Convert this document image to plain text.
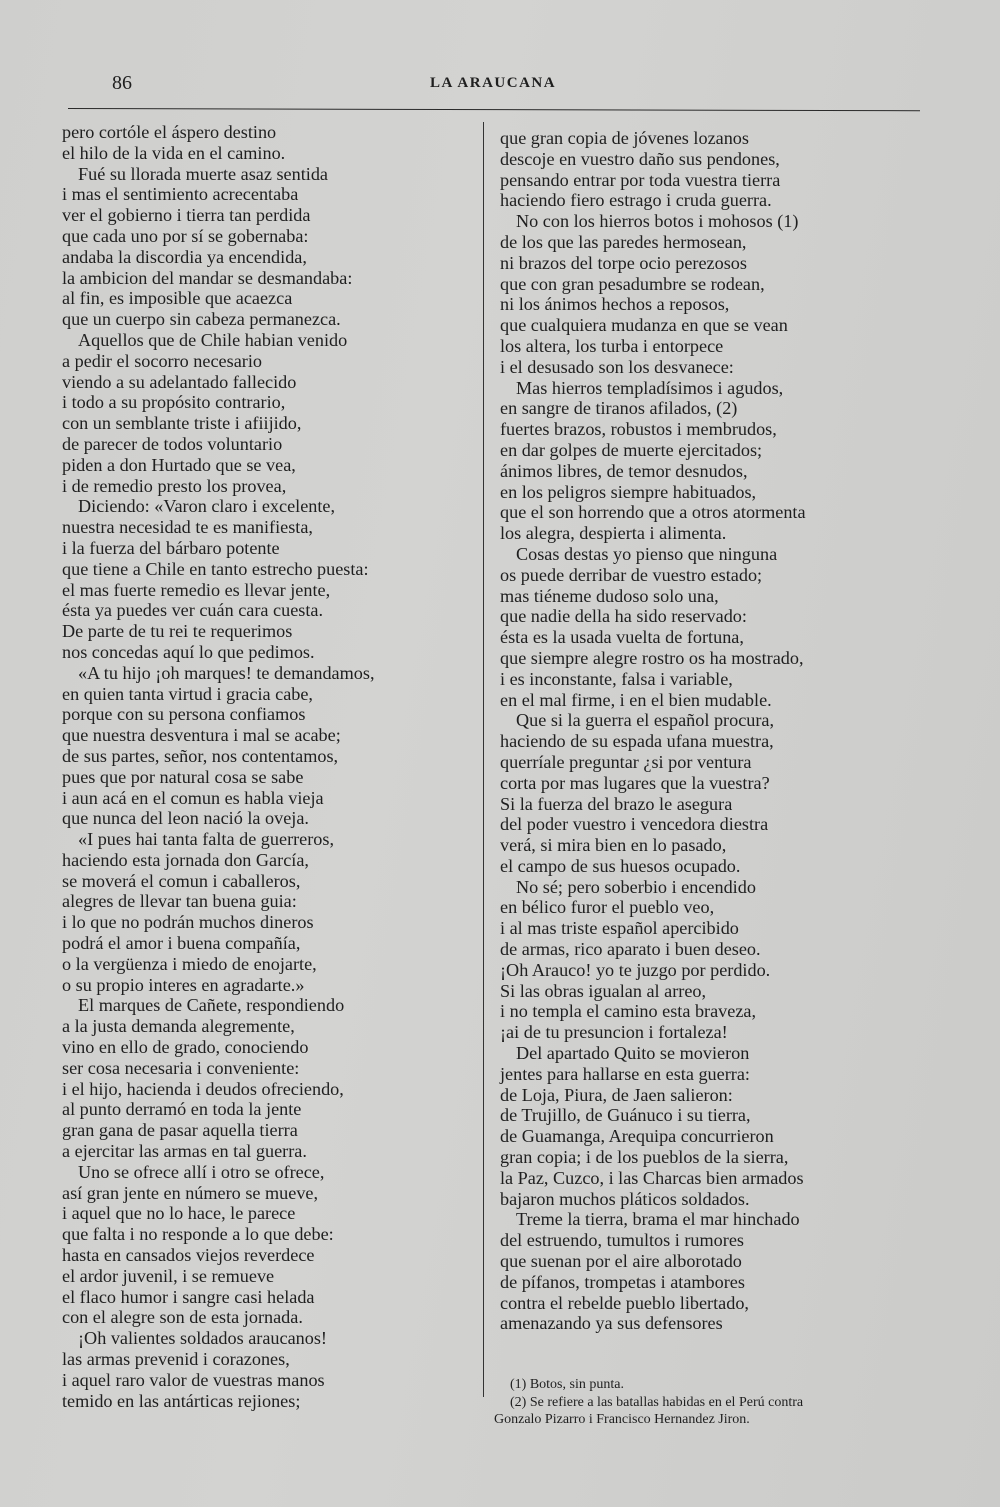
86	LA ARAUCANA
pero cortóle el áspero destino
el hilo de la vida en el camino.
Fué su llorada muerte asaz sentida
i mas el sentimiento acrecentaba
ver el gobierno i tierra tan perdida
que cada uno por sí se gobernaba:
andaba la discordia ya encendida,
la ambicion del mandar se desmandaba:
al fin, es imposible que acaezca
que un cuerpo sin cabeza permanezca.
Aquellos que de Chile habian venido
a pedir el socorro necesario
viendo a su adelantado fallecido
i todo a su propósito contrario,
con un semblante triste i afiijido,
de parecer de todos voluntario
piden a don Hurtado que se vea,
i de remedio presto los provea,
Diciendo: «Varon claro i excelente,
nuestra necesidad te es manifiesta,
i la fuerza del bárbaro potente
que tiene a Chile en tanto estrecho puesta:
el mas fuerte remedio es llevar jente,
ésta ya puedes ver cuán cara cuesta.
De parte de tu rei te requerimos
nos concedas aquí lo que pedimos.
«A tu hijo ¡oh marques! te demandamos,
en quien tanta virtud i gracia cabe,
porque con su persona confiamos
que nuestra desventura i mal se acabe;
de sus partes, señor, nos contentamos,
pues que por natural cosa se sabe
i aun acá en el comun es habla vieja
que nunca del leon nació la oveja.
«I pues hai tanta falta de guerreros,
haciendo esta jornada don García,
se moverá el comun i caballeros,
alegres de llevar tan buena guia:
i lo que no podrán muchos dineros
podrá el amor i buena compañía,
o la vergüenza i miedo de enojarte,
o su propio interes en agradarte.»
El marques de Cañete, respondiendo
a la justa demanda alegremente,
vino en ello de grado, conociendo
ser cosa necesaria i conveniente:
i el hijo, hacienda i deudos ofreciendo,
al punto derramó en toda la jente
gran gana de pasar aquella tierra
a ejercitar las armas en tal guerra.
Uno se ofrece allí i otro se ofrece,
así gran jente en número se mueve,
i aquel que no lo hace, le parece
que falta i no responde a lo que debe:
hasta en cansados viejos reverdece
el ardor juvenil, i se remueve
el flaco humor i sangre casi helada
con el alegre son de esta jornada.
¡Oh valientes soldados araucanos!
las armas prevenid i corazones,
i aquel raro valor de vuestras manos
temido en las antárticas rejiones;
que gran copia de jóvenes lozanos
descoje en vuestro daño sus pendones,
pensando entrar por toda vuestra tierra
haciendo fiero estrago i cruda guerra.
No con los hierros botos i mohosos (1)
de los que las paredes hermosean,
ni brazos del torpe ocio perezosos
que con gran pesadumbre se rodean,
ni los ánimos hechos a reposos,
que cualquiera mudanza en que se vean
los altera, los turba i entorpece
i el desusado son los desvanece:
Mas hierros templadísimos i agudos,
en sangre de tiranos afilados, (2)
fuertes brazos, robustos i membrudos,
en dar golpes de muerte ejercitados;
ánimos libres, de temor desnudos,
en los peligros siempre habituados,
que el son horrendo que a otros atormenta
los alegra, despierta i alimenta.
Cosas destas yo pienso que ninguna
os puede derribar de vuestro estado;
mas tiéneme dudoso solo una,
que nadie della ha sido reservado:
ésta es la usada vuelta de fortuna,
que siempre alegre rostro os ha mostrado,
i es inconstante, falsa i variable,
en el mal firme, i en el bien mudable.
Que si la guerra el español procura,
haciendo de su espada ufana muestra,
querríale preguntar ¿si por ventura
corta por mas lugares que la vuestra?
Si la fuerza del brazo le asegura
del poder vuestro i vencedora diestra
verá, si mira bien en lo pasado,
el campo de sus huesos ocupado.
No sé; pero soberbio i encendido
en bélico furor el pueblo veo,
i al mas triste español apercibido
de armas, rico aparato i buen deseo.
¡Oh Arauco! yo te juzgo por perdido.
Si las obras igualan al arreo,
i no templa el camino esta braveza,
¡ai de tu presuncion i fortaleza!
Del apartado Quito se movieron
jentes para hallarse en esta guerra:
de Loja, Piura, de Jaen salieron:
de Trujillo, de Guánuco i su tierra,
de Guamanga, Arequipa concurrieron
gran copia; i de los pueblos de la sierra,
la Paz, Cuzco, i las Charcas bien armados
bajaron muchos pláticos soldados.
Treme la tierra, brama el mar hinchado
del estruendo, tumultos i rumores
que suenan por el aire alborotado
de pífanos, trompetas i atambores
contra el rebelde pueblo libertado,
amenazando ya sus defensores
(1) Botos, sin punta.
(2) Se refiere a las batallas habidas en el Perú contra
Gonzalo Pizarro i Francisco Hernandez Jiron.
